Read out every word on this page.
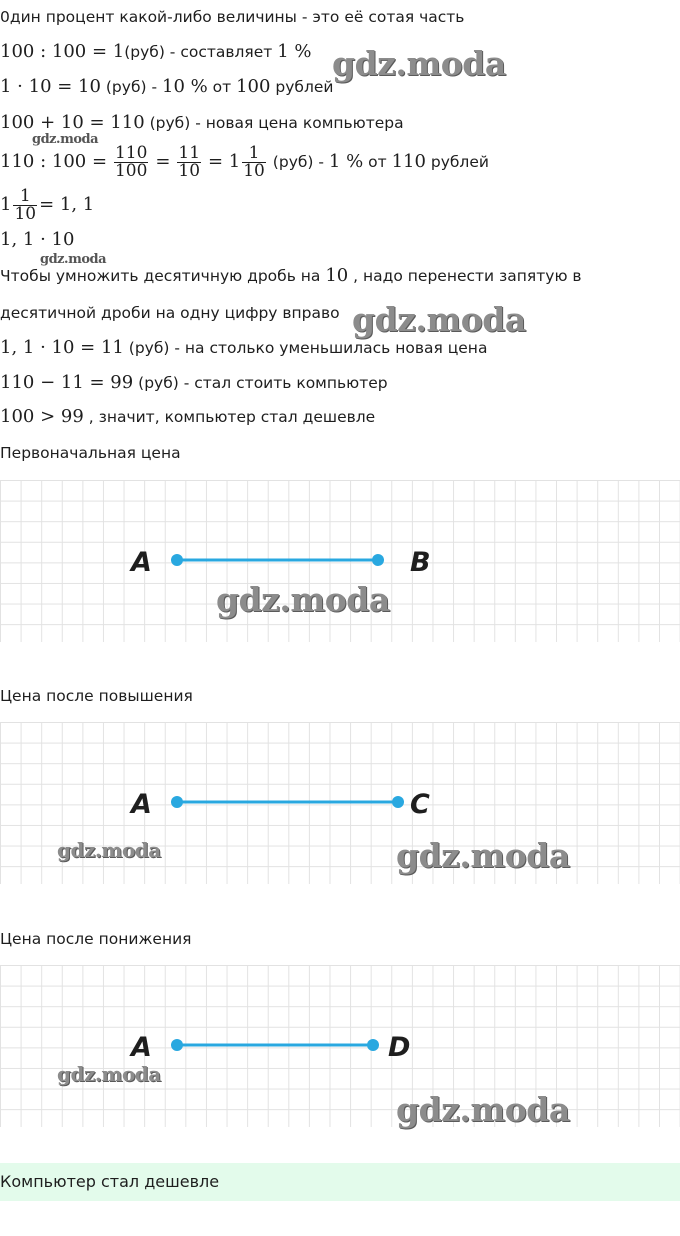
0дин процент какой-либо величины - это её сотая часть
100 : 100 = 1(руб) - составляет 1 %
1 · 10 = 10 (руб) - 10 % от 100 рублей
100 + 10 = 110 (руб) - новая цена компьютера
110 : $100 = \frac{110}{100} = \frac{11}{10} = 1 \frac{1}{10} (руб) - 1$ % от 110 рублей
$1 \frac{1}{10} = 1$, 1
1, 1 · 10
Чтобы умножить десятичную дробь на 10 , надо перенести запятую в
десятичной дроби на одну цифру вправо
1, 1 · 10 = 11 (руб) - на столько уменьшилась новая цена
110 − 11 = 99 (руб) - стал стоить компьютер
100 > 99 , значит, компьютер стал дешевле
Первоначальная цена
A	B
Цена после повышения
A	C
Цена после понижения
A	D
Компьютер стал дешевле
gdz.moda
gdz.moda
gdz.moda
gdz.moda
gdz.moda
gdz.moda	gdz.moda
gdz.moda
gdz.moda
